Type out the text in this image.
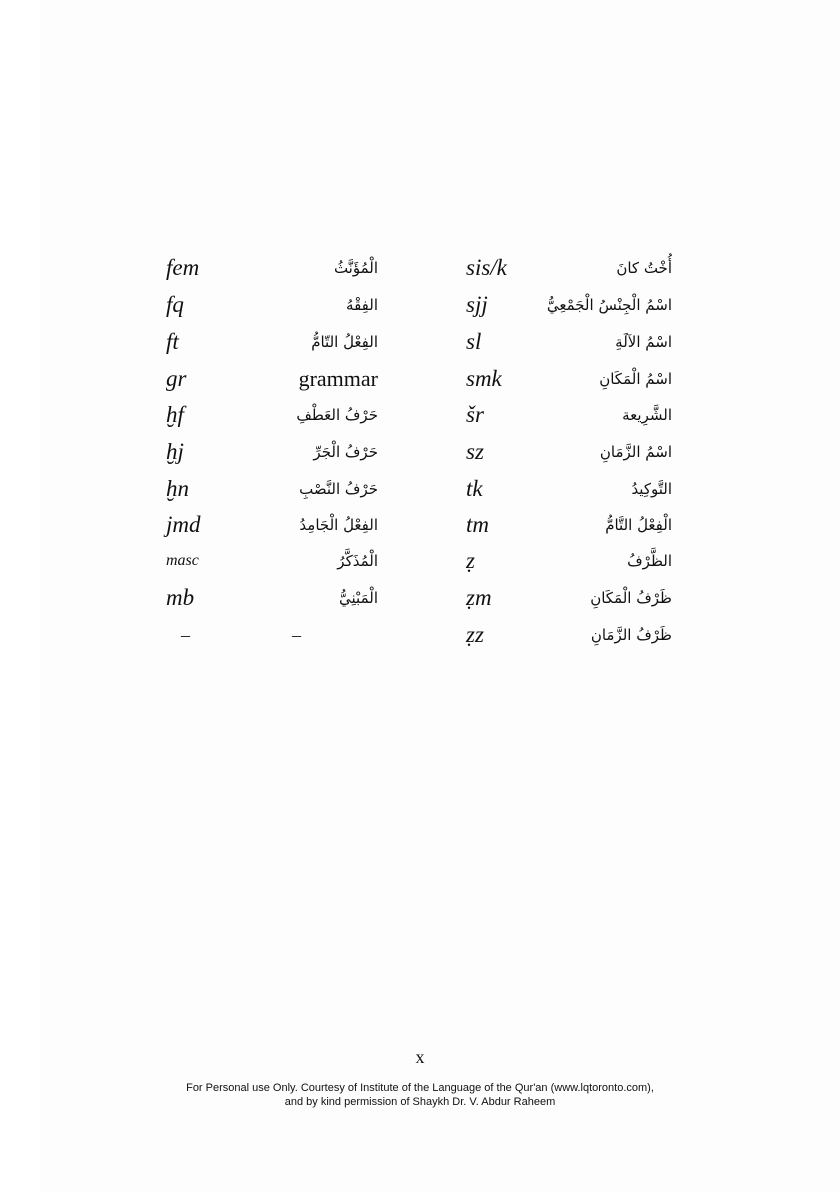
fem	الْمُؤَنَّثُ	sis/k	أُخْتُ كانَ
fq	الفِقْهُ	sjj	اسْمُ الْجِنْسُ الْجَمْعِيُّ
ft	الفِعْلُ التّامُّ	sl	اسْمُ الآلَةِ
gr	grammar	smk	اسْمُ الْمَكَانِ
ḫf	حَرْفُ العَطْفِ	šr	الشَّرِيعة
ḫj	حَرْفُ الْجَرِّ	sz	اسْمُ الزَّمَانِ
ḫn	حَرْفُ النَّصْبِ	tk	التَّوكِيدُ
jmd	الفِعْلُ الْجَامِدُ	tm	الْفِعْلُ التَّامُّ
masc	الْمُذَكَّرُ	ẓ	الظَّرْفُ
mb	الْمَبْنِيُّ	ẓm	ظَرْفُ الْمَكَانِ
–	–	ẓz	ظَرْفُ الزَّمَانِ
x
For Personal use Only. Courtesy of Institute of the Language of the Qur'an (www.lqtoronto.com),
and by kind permission of Shaykh Dr. V. Abdur Raheem
